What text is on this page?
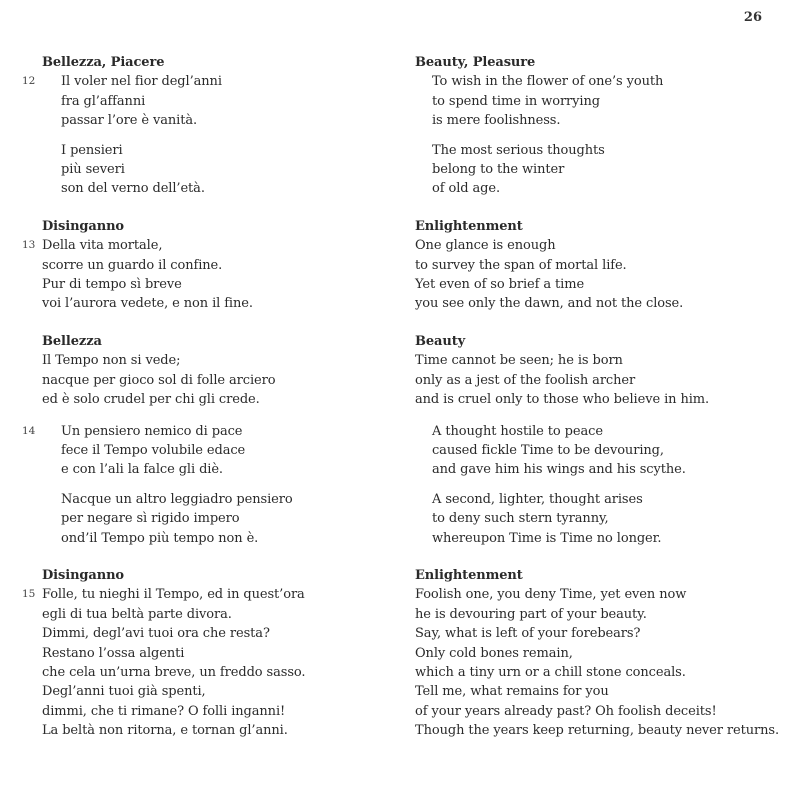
26
Bellezza, Piacere
12	Il voler nel fior degl’anni
fra gl’affanni
passar l’ore è vanità.
I pensieri
più severi
son del verno dell’età.
Disinganno
13 Della vita mortale,
scorre un guardo il confine.
Pur di tempo sì breve
voi l’aurora vedete, e non il fine.
Bellezza
Il Tempo non si vede;
nacque per gioco sol di folle arciero
ed è solo crudel per chi gli crede.
14	Un pensiero nemico di pace
fece il Tempo volubile edace
e con l’ali la falce gli diè.
Nacque un altro leggiadro pensiero
per negare sì rigido impero
ond’il Tempo più tempo non è.
Disinganno
15 Folle, tu nieghi il Tempo, ed in quest’ora
egli di tua beltà parte divora.
Dimmi, degl’avi tuoi ora che resta?
Restano l’ossa algenti
che cela un’urna breve, un freddo sasso.
Degl’anni tuoi già spenti,
dimmi, che ti rimane? O folli inganni!
La beltà non ritorna, e tornan gl’anni.
Beauty, Pleasure
To wish in the flower of one’s youth
to spend time in worrying
is mere foolishness.
The most serious thoughts
belong to the winter
of old age.
Enlightenment
One glance is enough
to survey the span of mortal life.
Yet even of so brief a time
you see only the dawn, and not the close.
Beauty
Time cannot be seen; he is born
only as a jest of the foolish archer
and is cruel only to those who believe in him.
A thought hostile to peace
caused fickle Time to be devouring,
and gave him his wings and his scythe.
A second, lighter, thought arises
to deny such stern tyranny,
whereupon Time is Time no longer.
Enlightenment
Foolish one, you deny Time, yet even now
he is devouring part of your beauty.
Say, what is left of your forebears?
Only cold bones remain,
which a tiny urn or a chill stone conceals.
Tell me, what remains for you
of your years already past? Oh foolish deceits!
Though the years keep returning, beauty never returns.
